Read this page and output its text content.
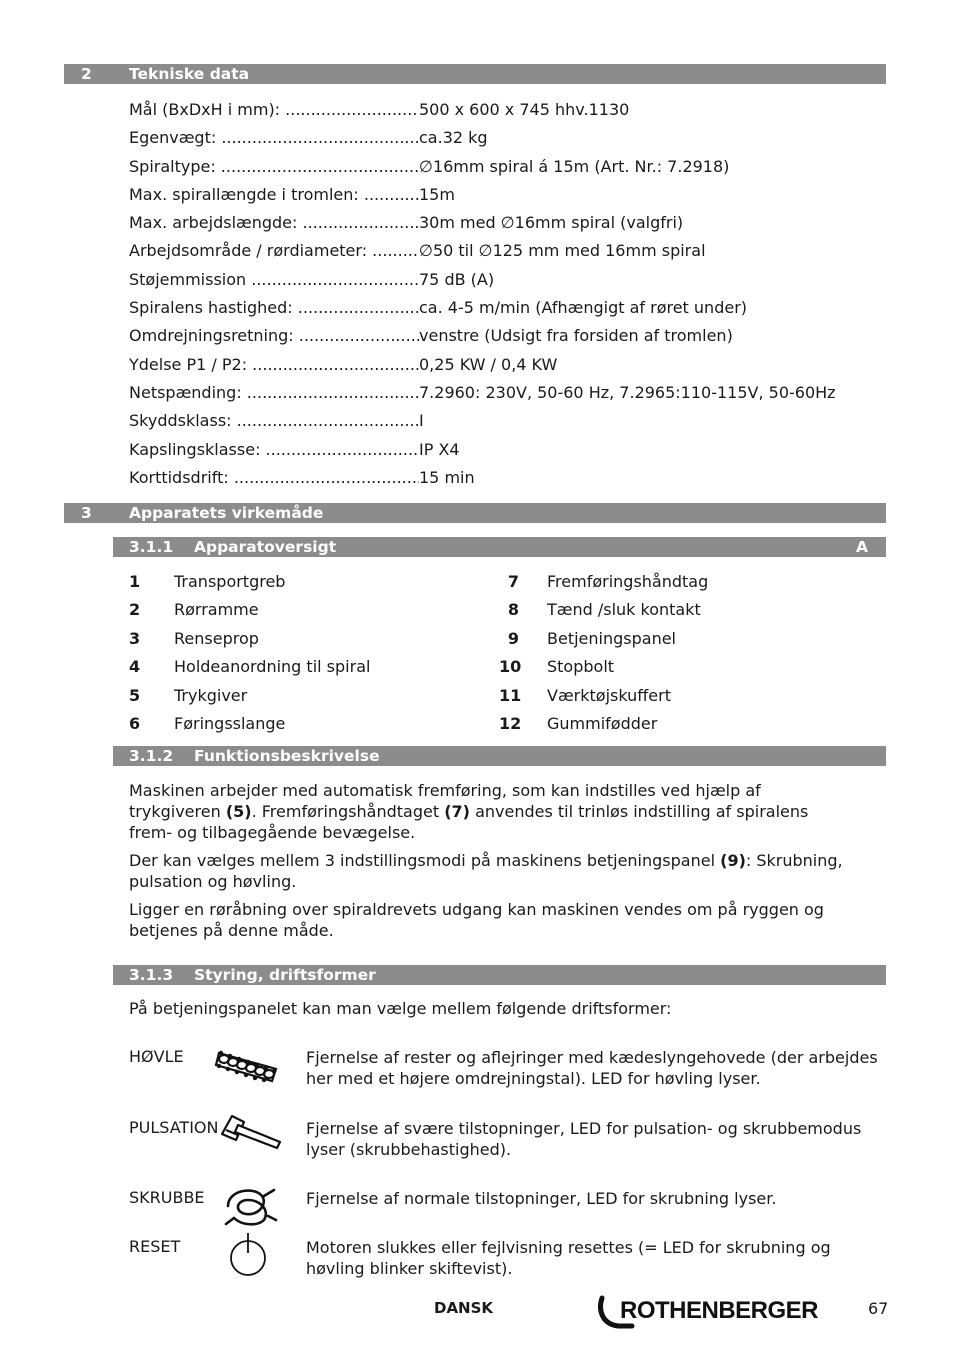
2 Tekniske data
Mål (BxDxH i mm): .....	500 x 600 x 745 hhv.1130
Egenvægt: .....	ca.32 kg
Spiraltype: .....	∅16mm spiral á 15m (Art. Nr.: 7.2918)
Max. spirallængde i tromlen: .....	15m
Max. arbejdslængde: .....	30m med ∅16mm spiral (valgfri)
Arbejdsområde / rørdiameter: .....	∅50 til ∅125 mm med 16mm spiral
Støjemmission .....	75 dB (A)
Spiralens hastighed: .....	ca. 4-5 m/min (Afhængigt af røret under)
Omdrejningsretning: .....	venstre (Udsigt fra forsiden af tromlen)
Ydelse P1 / P2: .....	0,25 KW / 0,4 KW
Netspænding: .....	7.2960: 230V, 50-60 Hz, 7.2965:110-115V, 50-60Hz
Skyddsklass: .....	I
Kapslingsklasse: .....	IP X4
Korttidsdrift: .....	15 min
3 Apparatets virkemåde
3.1.1 Apparatoversigt	A
1	Transportgreb	7 Fremføringshåndtag
2	Rørramme	8 Tænd /sluk kontakt
3	Renseprop	9 Betjeningspanel
4	Holdeanordning til spiral	10 Stopbolt
5	Trykgiver	11 Værktøjskuffert
6	Føringsslange	12 Gummifødder
3.1.2 Funktionsbeskrivelse

Maskinen arbejder med automatisk fremføring, som kan indstilles ved hjælp af trykgiveren (5). Fremføringshåndtaget (7) anvendes til trinløs indstilling af spiralens frem- og tilbagegående bevægelse.

Der kan vælges mellem 3 indstillingsmodi på maskinens betjeningspanel (9): Skrubning, pulsation og høvling.

Ligger en røråbning over spiraldrevets udgang kan maskinen vendes om på ryggen og betjenes på denne måde.

3.1.3 Styring, driftsformer
På betjeningspanelet kan man vælge mellem følgende driftsformer:
HØVLE	Fjernelse af rester og aflejringer med kædeslyngehovede (der arbejdes her med et højere omdrejningstal). LED for høvling lyser.
PULSATION	Fjernelse af svære tilstopninger, LED for pulsation- og skrubbemodus lyser (skrubbehastighed).
SKRUBBE	Fjernelse af normale tilstopninger, LED for skrubning lyser.
RESET	Motoren slukkes eller fejlvisning resettes (= LED for skrubning og høvling blinker skiftevist).
DANSK	ROTHENBERGER	67
